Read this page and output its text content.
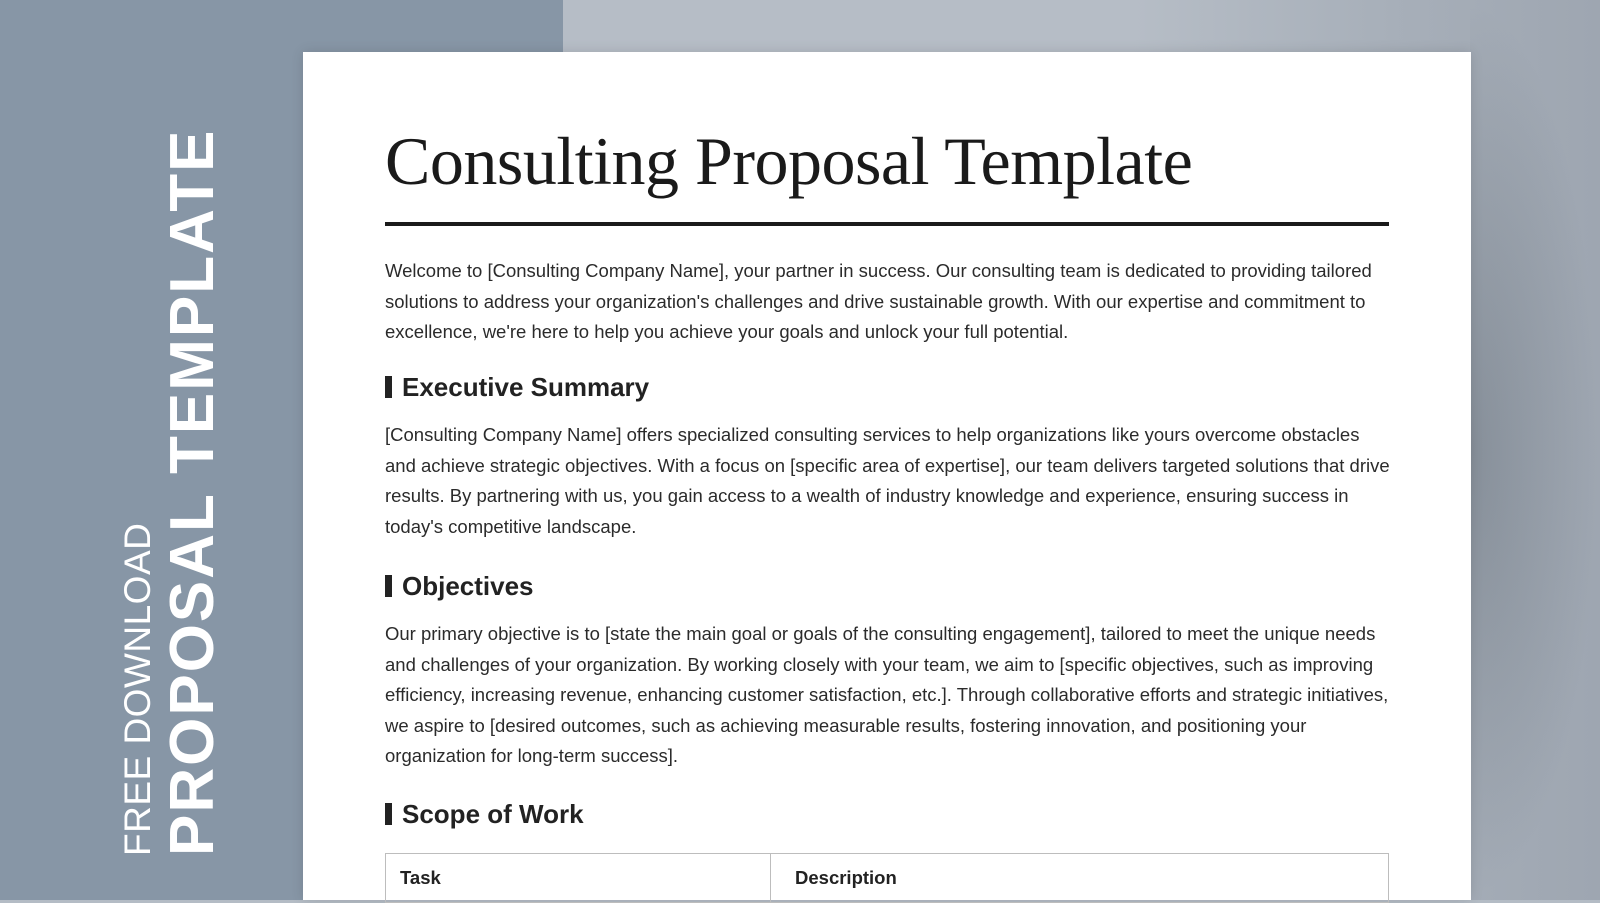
FREE DOWNLOAD PROPOSAL TEMPLATE Consulting Proposal Template

Welcome to [Consulting Company Name], your partner in success. Our consulting team is dedicated to providing tailored solutions to address your organization's challenges and drive sustainable growth. With our expertise and commitment to excellence, we're here to help you achieve your goals and unlock your full potential.

Executive Summary

[Consulting Company Name] offers specialized consulting services to help organizations like yours overcome obstacles and achieve strategic objectives. With a focus on [specific area of expertise], our team delivers targeted solutions that drive results. By partnering with us, you gain access to a wealth of industry knowledge and experience, ensuring success in today's competitive landscape.

Objectives

Our primary objective is to [state the main goal or goals of the consulting engagement], tailored to meet the unique needs and challenges of your organization. By working closely with your team, we aim to [specific objectives, such as improving efficiency, increasing revenue, enhancing customer satisfaction, etc.]. Through collaborative efforts and strategic initiatives, we aspire to [desired outcomes, such as achieving measurable results, fostering innovation, and positioning your organization for long-term success].

Scope of Work
Task	Description
